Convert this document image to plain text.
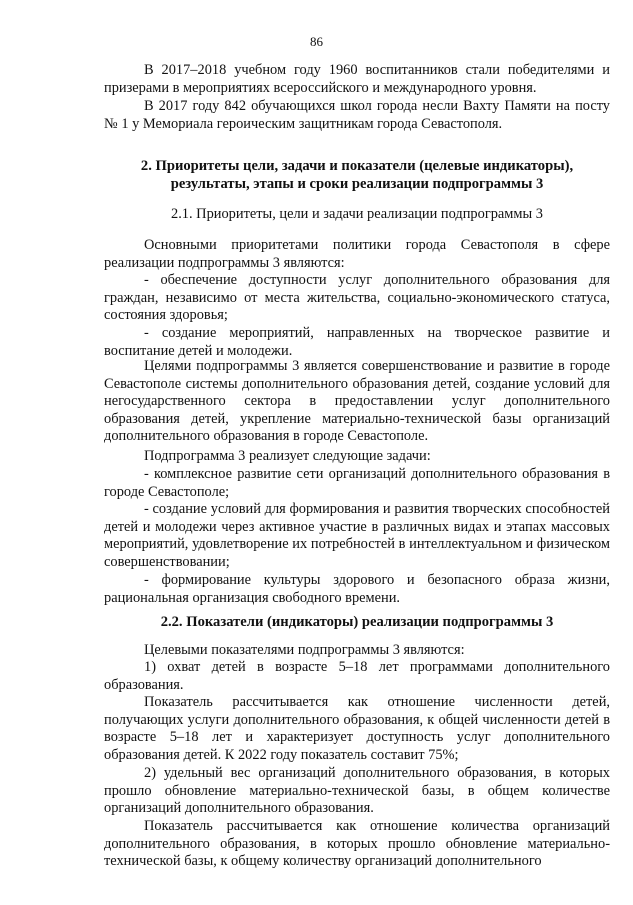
86

В 2017–2018 учебном году 1960 воспитанников стали победителями и призерами в мероприятиях всероссийского и международного уровня.

В 2017 году 842 обучающихся школ города несли Вахту Памяти на посту № 1 у Мемориала героическим защитникам города Севастополя.

2. Приоритеты цели, задачи и показатели (целевые индикаторы), результаты, этапы и сроки реализации подпрограммы 3

2.1. Приоритеты, цели и задачи реализации подпрограммы 3

Основными приоритетами политики города Севастополя в сфере реализации подпрограммы 3 являются:

- обеспечение доступности услуг дополнительного образования для граждан, независимо от места жительства, социально-экономического статуса, состояния здоровья;

- создание мероприятий, направленных на творческое развитие и воспитание детей и молодежи.

Целями подпрограммы 3 является совершенствование и развитие в городе Севастополе системы дополнительного образования детей, создание условий для негосударственного сектора в предоставлении услуг дополнительного образования детей, укрепление материально-технической базы организаций дополнительного образования в городе Севастополе.

Подпрограмма 3 реализует следующие задачи:

- комплексное развитие сети организаций дополнительного образования в городе Севастополе;

- создание условий для формирования и развития творческих способностей детей и молодежи через активное участие в различных видах и этапах массовых мероприятий, удовлетворение их потребностей в интеллектуальном и физическом совершенствовании;

- формирование культуры здорового и безопасного образа жизни, рациональная организация свободного времени.

2.2. Показатели (индикаторы) реализации подпрограммы 3

Целевыми показателями подпрограммы 3 являются:

1) охват детей в возрасте 5–18 лет программами дополнительного образования.

Показатель рассчитывается как отношение численности детей, получающих услуги дополнительного образования, к общей численности детей в возрасте 5–18 лет и характеризует доступность услуг дополнительного образования детей. К 2022 году показатель составит 75%;

2) удельный вес организаций дополнительного образования, в которых прошло обновление материально-технической базы, в общем количестве организаций дополнительного образования.

Показатель рассчитывается как отношение количества организаций дополнительного образования, в которых прошло обновление материально-технической базы, к общему количеству организаций дополнительного
